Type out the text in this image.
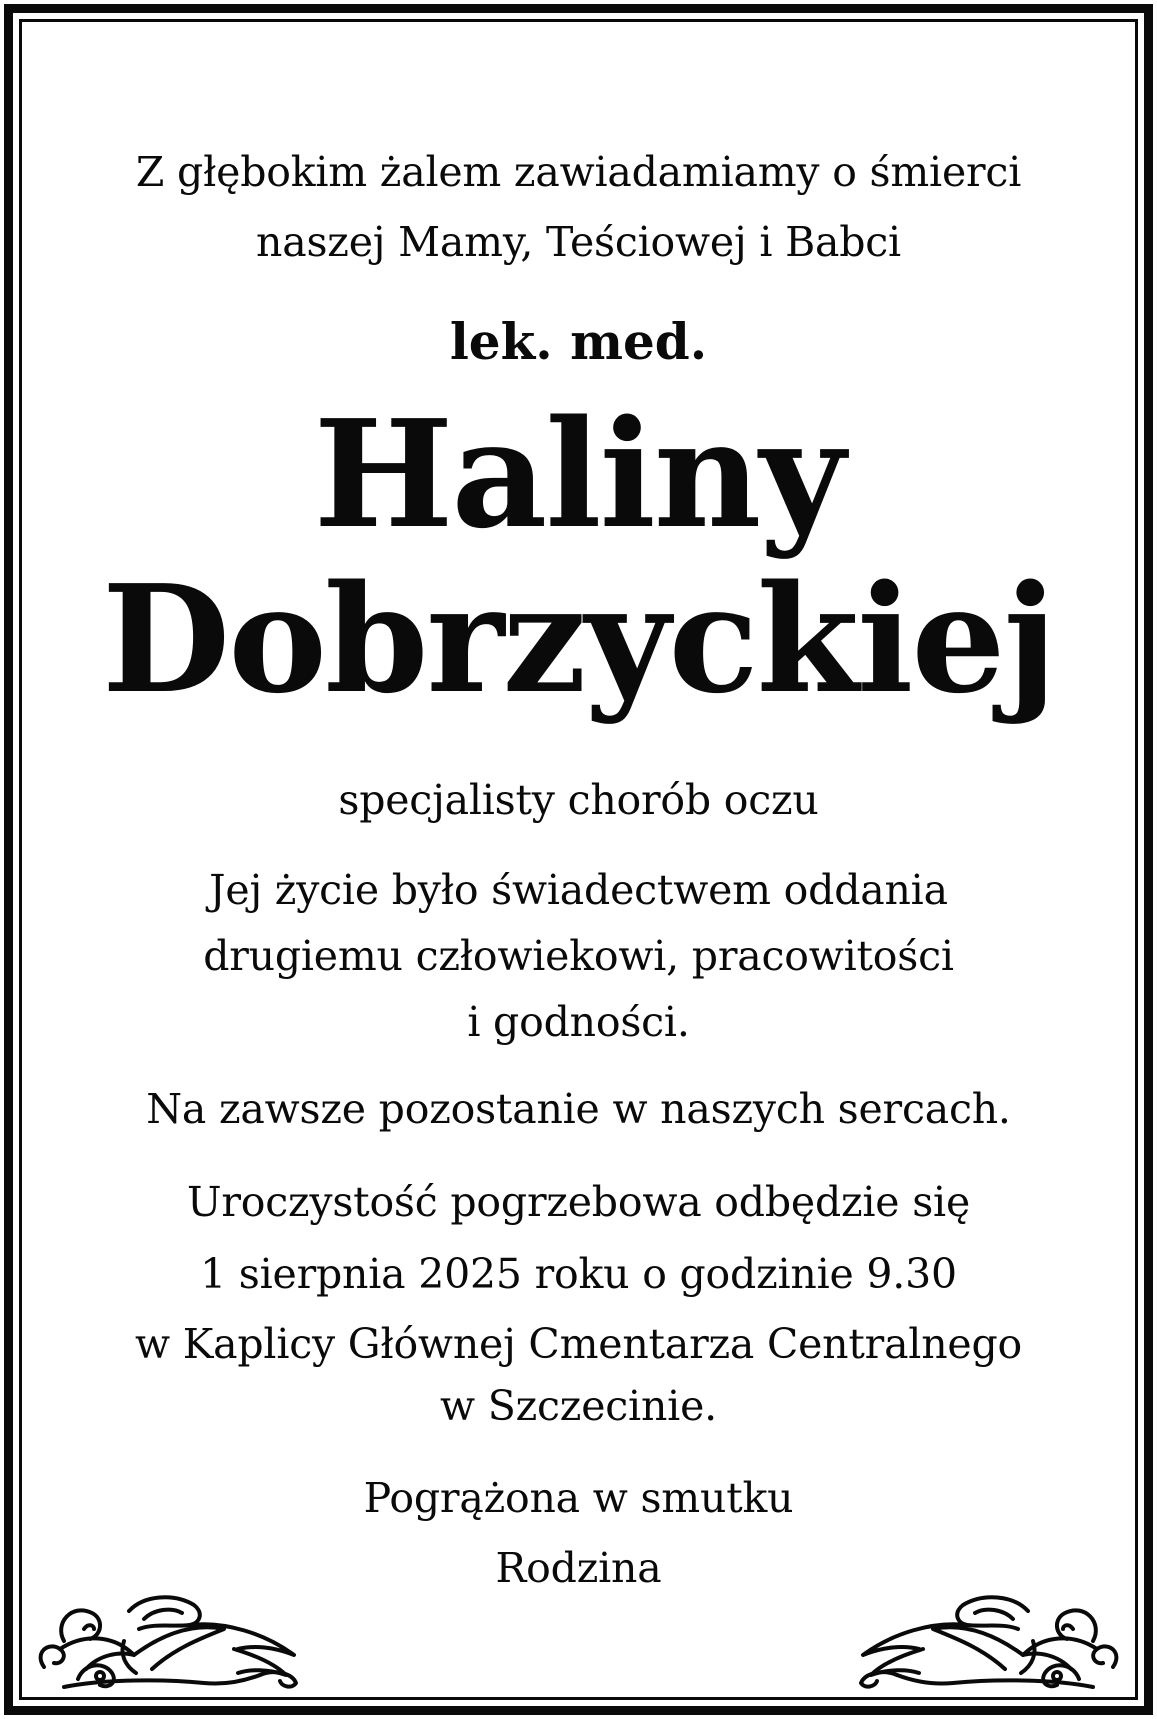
Z głębokim żalem zawiadamiamy o śmierci
naszej Mamy, Teściowej i Babci
lek. med.
Haliny
Dobrzyckiej
specjalisty chorób oczu
Jej życie było świadectwem oddania
drugiemu człowiekowi, pracowitości
i godności.
Na zawsze pozostanie w naszych sercach.
Uroczystość pogrzebowa odbędzie się
1 sierpnia 2025 roku o godzinie 9.30
w Kaplicy Głównej Cmentarza Centralnego
w Szczecinie.
Pogrążona w smutku
Rodzina
